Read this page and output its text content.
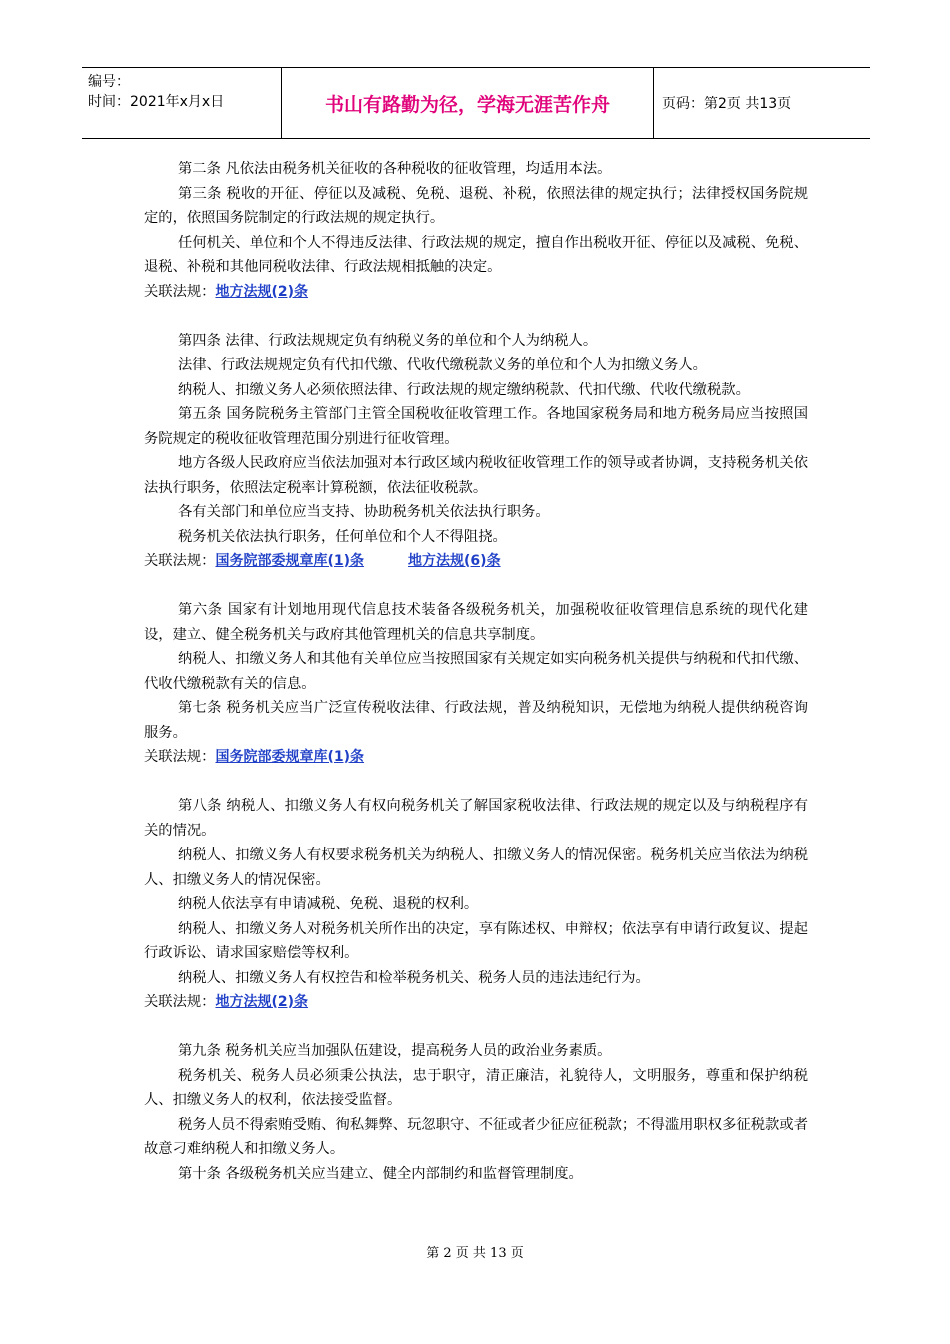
编号：
时间：2021年x月x日	书山有路勤为径，学海无涯苦作舟	页码：第2页 共13页

第二条 凡依法由税务机关征收的各种税收的征收管理，均适用本法。

第三条 税收的开征、停征以及减税、免税、退税、补税，依照法律的规定执行；法律授权国务院规定的，依照国务院制定的行政法规的规定执行。

任何机关、单位和个人不得违反法律、行政法规的规定，擅自作出税收开征、停征以及减税、免税、退税、补税和其他同税收法律、行政法规相抵触的决定。

关联法规：地方法规(2)条

第四条 法律、行政法规规定负有纳税义务的单位和个人为纳税人。

法律、行政法规规定负有代扣代缴、代收代缴税款义务的单位和个人为扣缴义务人。

纳税人、扣缴义务人必须依照法律、行政法规的规定缴纳税款、代扣代缴、代收代缴税款。

第五条 国务院税务主管部门主管全国税收征收管理工作。各地国家税务局和地方税务局应当按照国务院规定的税收征收管理范围分别进行征收管理。

地方各级人民政府应当依法加强对本行政区域内税收征收管理工作的领导或者协调，支持税务机关依法执行职务，依照法定税率计算税额，依法征收税款。

各有关部门和单位应当支持、协助税务机关依法执行职务。

税务机关依法执行职务，任何单位和个人不得阻挠。

关联法规：国务院部委规章库(1)条	地方法规(6)条

第六条 国家有计划地用现代信息技术装备各级税务机关，加强税收征收管理信息系统的现代化建设，建立、健全税务机关与政府其他管理机关的信息共享制度。

纳税人、扣缴义务人和其他有关单位应当按照国家有关规定如实向税务机关提供与纳税和代扣代缴、代收代缴税款有关的信息。

第七条 税务机关应当广泛宣传税收法律、行政法规，普及纳税知识，无偿地为纳税人提供纳税咨询服务。

关联法规：国务院部委规章库(1)条

第八条 纳税人、扣缴义务人有权向税务机关了解国家税收法律、行政法规的规定以及与纳税程序有关的情况。

纳税人、扣缴义务人有权要求税务机关为纳税人、扣缴义务人的情况保密。税务机关应当依法为纳税人、扣缴义务人的情况保密。

纳税人依法享有申请减税、免税、退税的权利。

纳税人、扣缴义务人对税务机关所作出的决定，享有陈述权、申辩权；依法享有申请行政复议、提起行政诉讼、请求国家赔偿等权利。

纳税人、扣缴义务人有权控告和检举税务机关、税务人员的违法违纪行为。

关联法规：地方法规(2)条

第九条 税务机关应当加强队伍建设，提高税务人员的政治业务素质。

税务机关、税务人员必须秉公执法，忠于职守，清正廉洁，礼貌待人，文明服务，尊重和保护纳税人、扣缴义务人的权利，依法接受监督。

税务人员不得索贿受贿、徇私舞弊、玩忽职守、不征或者少征应征税款；不得滥用职权多征税款或者故意刁难纳税人和扣缴义务人。

第十条 各级税务机关应当建立、健全内部制约和监督管理制度。

第 2 页 共 13 页
